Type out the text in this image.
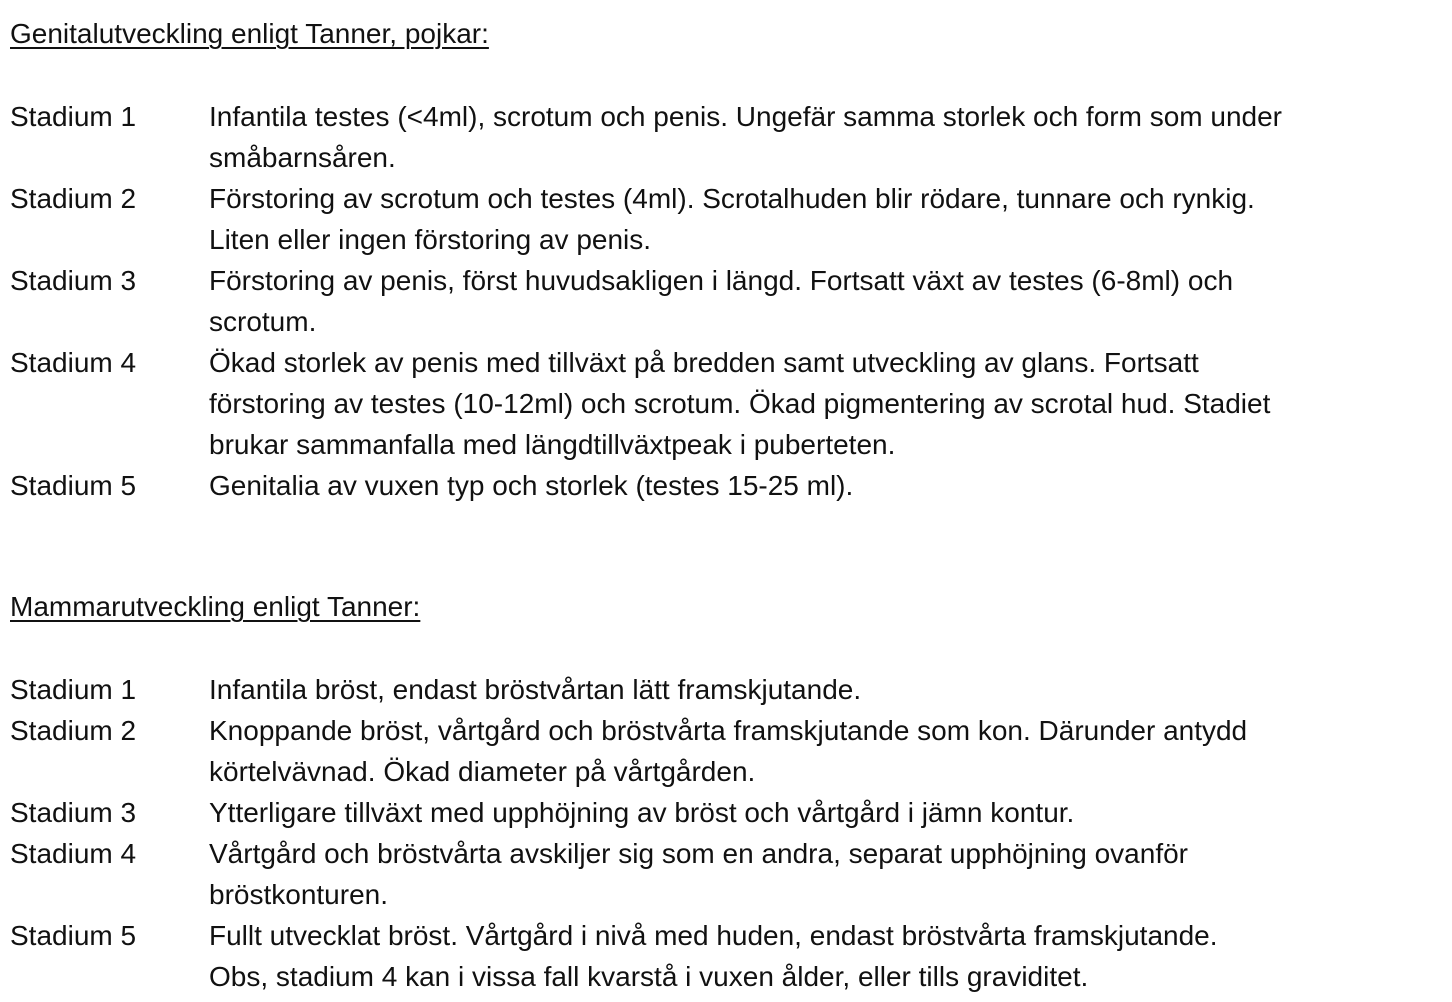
Genitalutveckling enligt Tanner, pojkar:
Stadium 1	Infantila testes (<4ml), scrotum och penis. Ungefär samma storlek och form som under
småbarnsåren.
Stadium 2	Förstoring av scrotum och testes (4ml). Scrotalhuden blir rödare, tunnare och rynkig.
Liten eller ingen förstoring av penis.
Stadium 3	Förstoring av penis, först huvudsakligen i längd. Fortsatt växt av testes (6-8ml) och
scrotum.
Stadium 4	Ökad storlek av penis med tillväxt på bredden samt utveckling av glans. Fortsatt
förstoring av testes (10-12ml) och scrotum. Ökad pigmentering av scrotal hud. Stadiet
brukar sammanfalla med längdtillväxtpeak i puberteten.
Stadium 5	Genitalia av vuxen typ och storlek (testes 15-25 ml).
Mammarutveckling enligt Tanner:
Stadium 1	Infantila bröst, endast bröstvårtan lätt framskjutande.
Stadium 2	Knoppande bröst, vårtgård och bröstvårta framskjutande som kon. Därunder antydd
körtelvävnad. Ökad diameter på vårtgården.
Stadium 3	Ytterligare tillväxt med upphöjning av bröst och vårtgård i jämn kontur.
Stadium 4	Vårtgård och bröstvårta avskiljer sig som en andra, separat upphöjning ovanför
bröstkonturen.
Stadium 5	Fullt utvecklat bröst. Vårtgård i nivå med huden, endast bröstvårta framskjutande.
Obs, stadium 4 kan i vissa fall kvarstå i vuxen ålder, eller tills graviditet.
